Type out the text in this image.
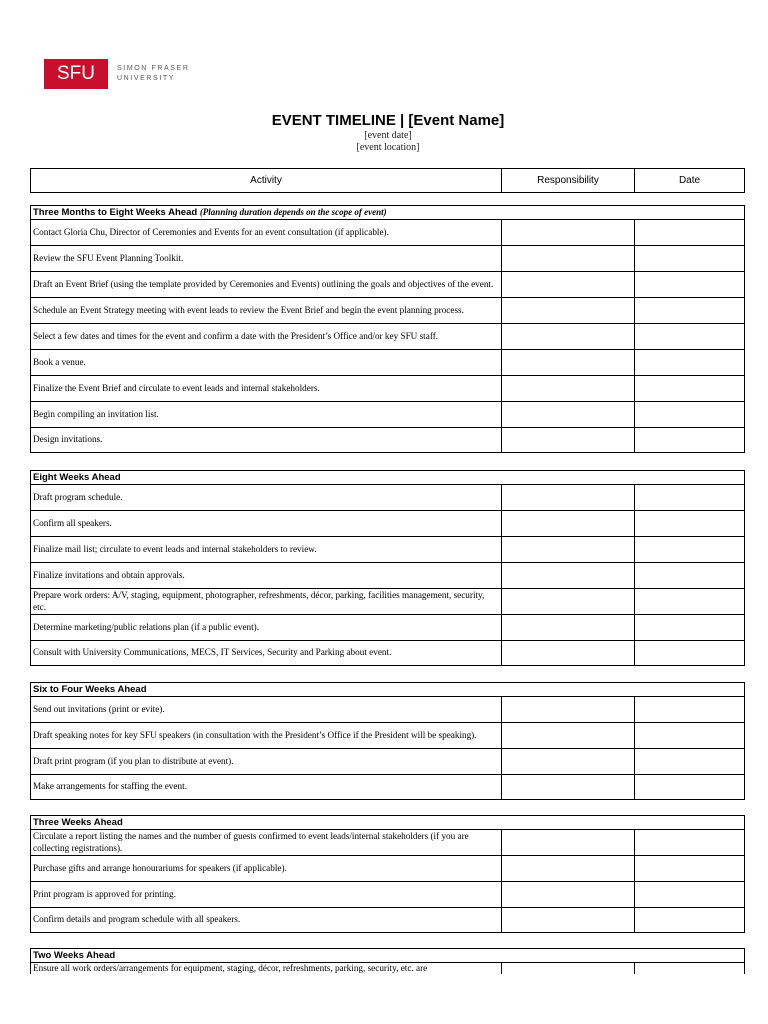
SFU	SIMON FRASER
UNIVERSITY
EVENT TIMELINE | [Event Name]
[event date]
[event location]
Activity	Responsibility	Date
Three Months to Eight Weeks Ahead (Planning duration depends on the scope of event)
Contact Gloria Chu, Director of Ceremonies and Events for an event consultation (if applicable).
Review the SFU Event Planning Toolkit.
Draft an Event Brief (using the template provided by Ceremonies and Events) outlining the goals and objectives of the event.
Schedule an Event Strategy meeting with event leads to review the Event Brief and begin the event planning process.
Select a few dates and times for the event and confirm a date with the President’s Office and/or key SFU staff.
Book a venue.
Finalize the Event Brief and circulate to event leads and internal stakeholders.
Begin compiling an invitation list.
Design invitations.
Eight Weeks Ahead
Draft program schedule.
Confirm all speakers.
Finalize mail list; circulate to event leads and internal stakeholders to review.
Finalize invitations and obtain approvals.
Prepare work orders: A/V, staging, equipment, photographer, refreshments, décor, parking, facilities management, security, etc.
Determine marketing/public relations plan (if a public event).
Consult with University Communications, MECS, IT Services, Security and Parking about event.
Six to Four Weeks Ahead
Send out invitations (print or evite).
Draft speaking notes for key SFU speakers (in consultation with the President’s Office if the President will be speaking).
Draft print program (if you plan to distribute at event).
Make arrangements for staffing the event.
Three Weeks Ahead
Circulate a report listing the names and the number of guests confirmed to event leads/internal stakeholders (if you are collecting registrations).
Purchase gifts and arrange honourariums for speakers (if applicable).
Print program is approved for printing.
Confirm details and program schedule with all speakers.
Two Weeks Ahead
Ensure all work orders/arrangements for equipment, staging, décor, refreshments, parking, security, etc. are
